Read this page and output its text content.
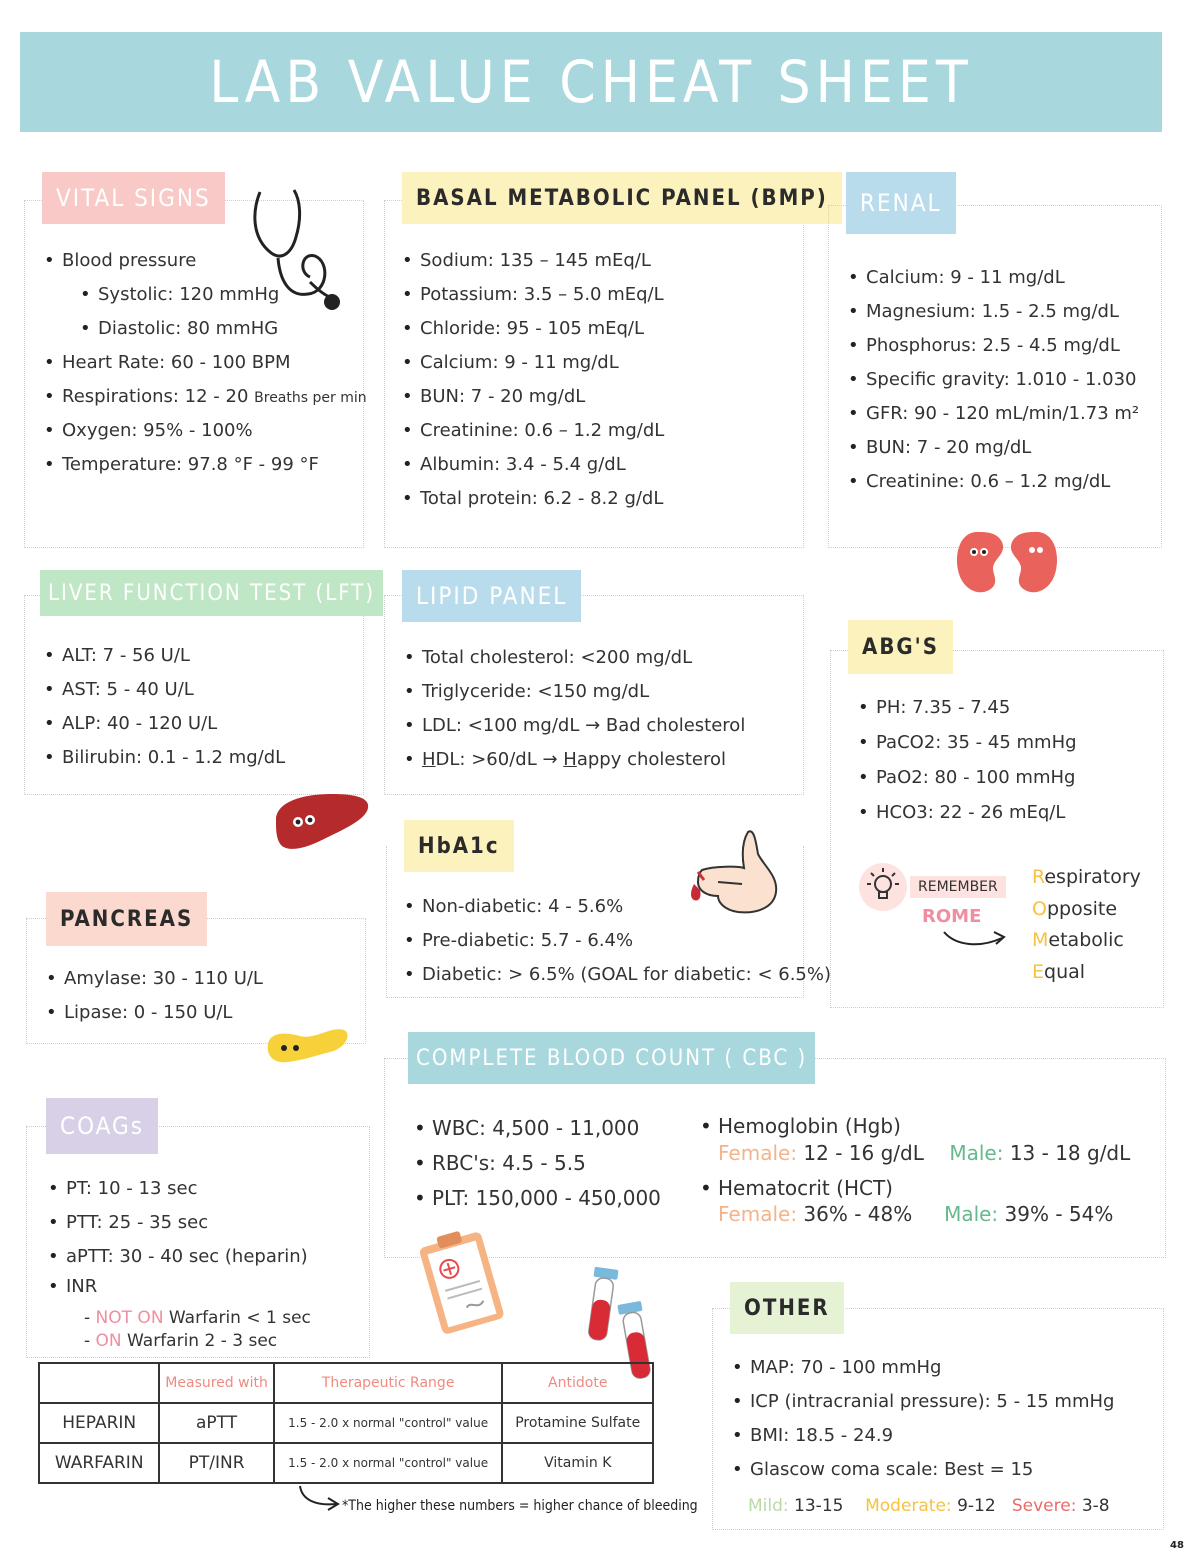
LAB VALUE CHEAT SHEET
VITAL SIGNS
• Blood pressure
• Systolic: 120 mmHg
• Diastolic: 80 mmHG
• Heart Rate: 60 - 100 BPM
• Respirations: 12 - 20 Breaths per min
• Oxygen: 95% - 100%
• Temperature: 97.8 °F - 99 °F
BASAL METABOLIC PANEL (BMP)
• Sodium: 135 – 145 mEq/L
• Potassium: 3.5 – 5.0 mEq/L
• Chloride: 95 - 105 mEq/L
• Calcium: 9 - 11 mg/dL
• BUN: 7 - 20 mg/dL
• Creatinine: 0.6 – 1.2 mg/dL
• Albumin: 3.4 - 5.4 g/dL
• Total protein: 6.2 - 8.2 g/dL
RENAL
• Calcium: 9 - 11 mg/dL
• Magnesium: 1.5 - 2.5 mg/dL
• Phosphorus: 2.5 - 4.5 mg/dL
• Specific gravity: 1.010 - 1.030
• GFR: 90 - 120 mL/min/1.73 m²
• BUN: 7 - 20 mg/dL
• Creatinine: 0.6 – 1.2 mg/dL
LIVER FUNCTION TEST (LFT)
• ALT: 7 - 56 U/L
• AST: 5 - 40 U/L
• ALP: 40 - 120 U/L
• Bilirubin: 0.1 - 1.2 mg/dL
LIPID PANEL
• Total cholesterol: <200 mg/dL
• Triglyceride: <150 mg/dL
• LDL: <100 mg/dL → Bad cholesterol
• HDL: >60/dL → Happy cholesterol
ABG'S
• PH: 7.35 - 7.45
• PaCO2: 35 - 45 mmHg
• PaO2: 80 - 100 mmHg
• HCO3: 22 - 26 mEq/L
REMEMBER
ROME
Respiratory
Opposite
Metabolic
Equal
HbA1c
• Non-diabetic: 4 - 5.6%
• Pre-diabetic: 5.7 - 6.4%
• Diabetic: > 6.5% (GOAL for diabetic: < 6.5%)
PANCREAS
• Amylase: 30 - 110 U/L
• Lipase: 0 - 150 U/L
COMPLETE BLOOD COUNT ( CBC )
• WBC: 4,500 - 11,000
• RBC's: 4.5 - 5.5
• PLT: 150,000 - 450,000
• Hemoglobin (Hgb)
Female: 12 - 16 g/dL Male: 13 - 18 g/dL
• Hematocrit (HCT)
Female: 36% - 48% Male: 39% - 54%
COAGs
• PT: 10 - 13 sec
• PTT: 25 - 35 sec
• aPTT: 30 - 40 sec (heparin)
• INR
- NOT ON Warfarin < 1 sec
- ON Warfarin 2 - 3 sec
	Measured with	Therapeutic Range	Antidote
HEPARIN	aPTT	1.5 - 2.0 x normal "control" value	Protamine Sulfate
WARFARIN	PT/INR	1.5 - 2.0 x normal "control" value	Vitamin K
*The higher these numbers = higher chance of bleeding
OTHER
• MAP: 70 - 100 mmHg
• ICP (intracranial pressure): 5 - 15 mmHg
• BMI: 18.5 - 24.9
• Glascow coma scale: Best = 15
Mild: 13-15 Moderate: 9-12 Severe: 3-8
48
